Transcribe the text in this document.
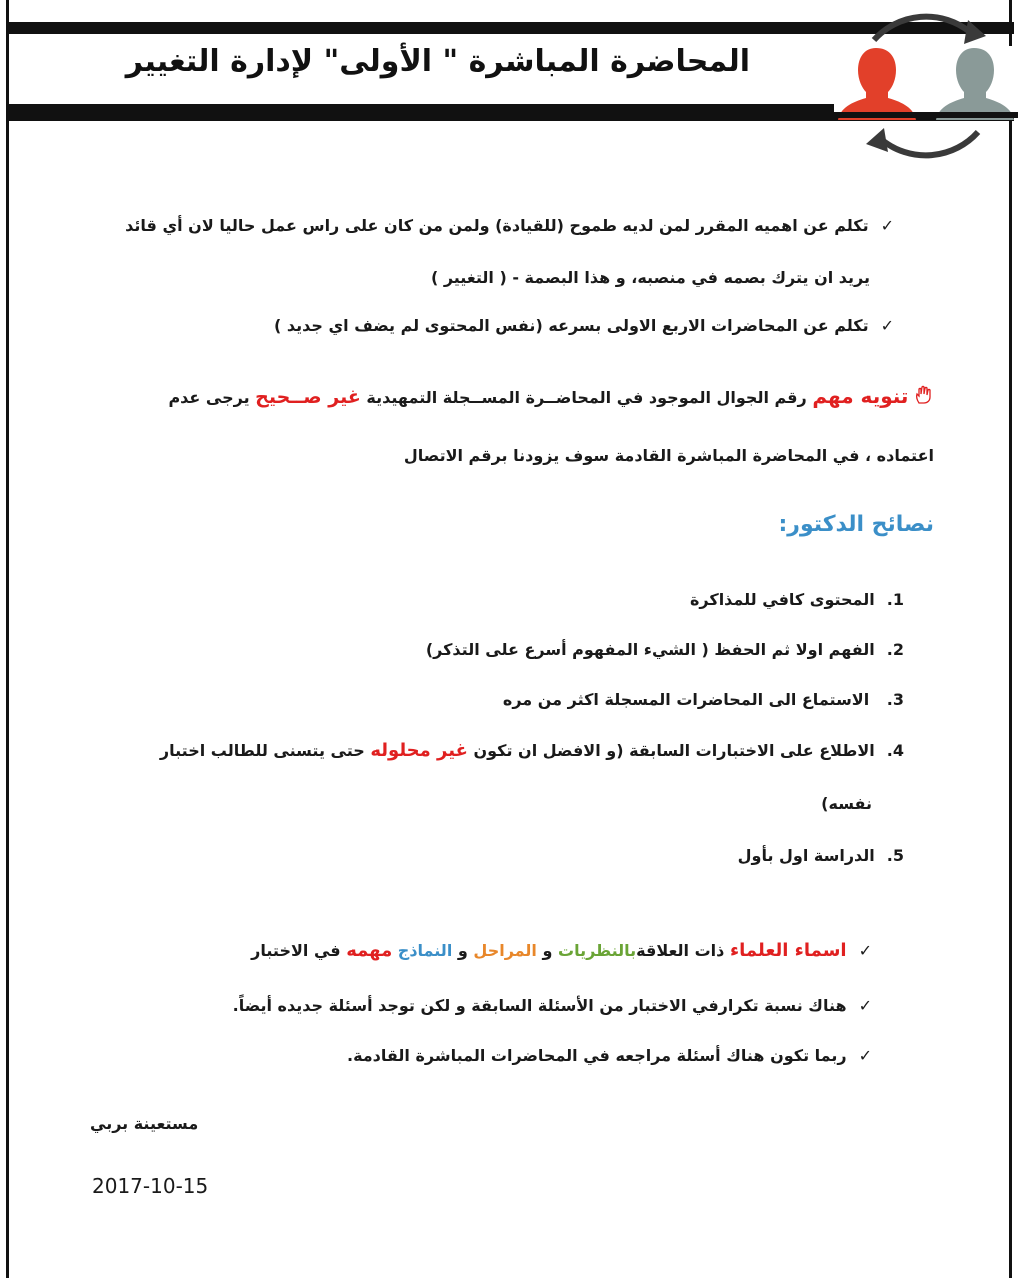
المحاضرة المباشرة " الأولى" لإدارة التغيير
✓تكلم عن اهميه المقرر لمن لديه طموح (للقيادة) ولمن من كان على راس عمل حاليا لان أي قائد
يريد ان يترك بصمه في منصبه، و هذا البصمة - ( التغيير )
✓تكلم عن المحاضرات الاربع الاولى بسرعه (نفس المحتوى لم يضف اي جديد )
تنويه مهم رقم الجوال الموجود في المحاضــرة المســجلة التمهيدية غير صــحيح يرجى عدم
اعتماده ، في المحاضرة المباشرة القادمة سوف يزودنا برقم الاتصال
نصائح الدكتور:
1.المحتوى كافي للمذاكرة
2.الفهم اولا ثم الحفظ ( الشيء المفهوم أسرع على التذكر)
3. الاستماع الى المحاضرات المسجلة اكثر من مره
4.الاطلاع على الاختبارات السابقة (و الافضل ان تكون غير محلوله حتى يتسنى للطالب اختبار
نفسه)
5.الدراسة اول بأول
✓اسماء العلماء ذات العلاقةبالنظريات و المراحل و النماذج مهمه في الاختبار
✓هناك نسبة تكرارفي الاختبار من الأسئلة السابقة و لكن توجد أسئلة جديده أيضاً.
✓ربما تكون هناك أسئلة مراجعه في المحاضرات المباشرة القادمة.
مستعينة بربي
2017-10-15
